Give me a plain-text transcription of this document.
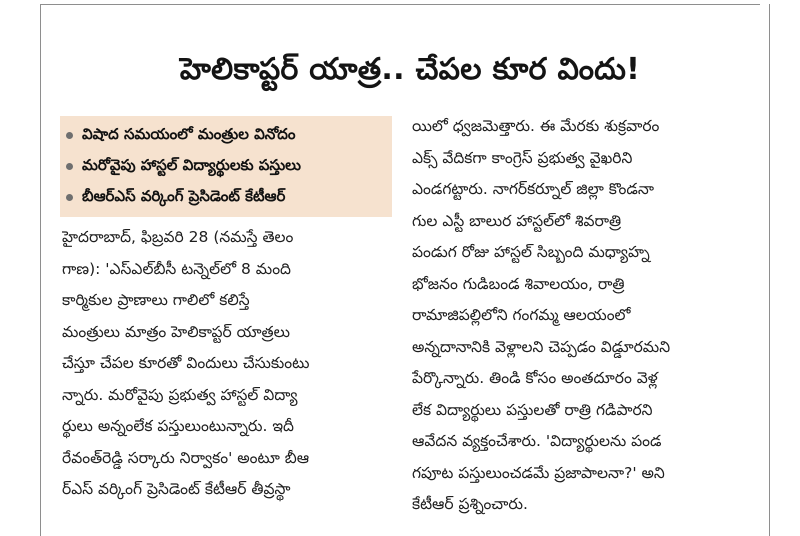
హెలికాప్టర్ యాత్ర.. చేపల కూర విందు!
విషాద సమయంలో మంత్రుల వినోదం
మరోవైపు హాస్టల్ విద్యార్థులకు పస్తులు
బీఆర్ఎస్ వర్కింగ్ ప్రెసిడెంట్ కేటీఆర్
హైదరాబాద్, ఫిబ్రవరి 28 (నమస్తే తెలం
గాణ): 'ఎస్ఎల్‌బీసీ టన్నెల్‌లో 8 మంది
కార్మికుల ప్రాణాలు గాలిలో కలిస్తే
మంత్రులు మాత్రం హెలికాప్టర్ యాత్రలు
చేస్తూ చేపల కూరతో విందులు చేసుకుంటు
న్నారు. మరోవైపు ప్రభుత్వ హాస్టల్ విద్యా
ర్థులు అన్నంలేక పస్తులుంటున్నారు. ఇదీ
రేవంత్‌రెడ్డి సర్కారు నిర్వాకం' అంటూ బీఆ
ర్ఎస్ వర్కింగ్ ప్రెసిడెంట్ కేటీఆర్ తీవ్రస్థా
యిలో ధ్వజమెత్తారు. ఈ మేరకు శుక్రవారం
ఎక్స్ వేదికగా కాంగ్రెస్ ప్రభుత్వ వైఖరిని
ఎండగట్టారు. నాగర్‌కర్నూల్ జిల్లా కొండనా
గుల ఎస్టీ బాలుర హాస్టల్‌లో శివరాత్రి
పండుగ రోజు హాస్టల్ సిబ్బంది మధ్యాహ్న
భోజనం గుడిబండ శివాలయం, రాత్రి
రామాజిపల్లిలోని గంగమ్మ ఆలయంలో
అన్నదానానికి వెళ్లాలని చెప్పడం విడ్డూరమని
పేర్కొన్నారు. తిండి కోసం అంతదూరం వెళ్ల
లేక విద్యార్థులు పస్తులతో రాత్రి గడిపారని
ఆవేదన వ్యక్తంచేశారు. 'విద్యార్థులను పండ
గపూట పస్తులుంచడమే ప్రజాపాలనా?' అని
కేటీఆర్ ప్రశ్నించారు.
